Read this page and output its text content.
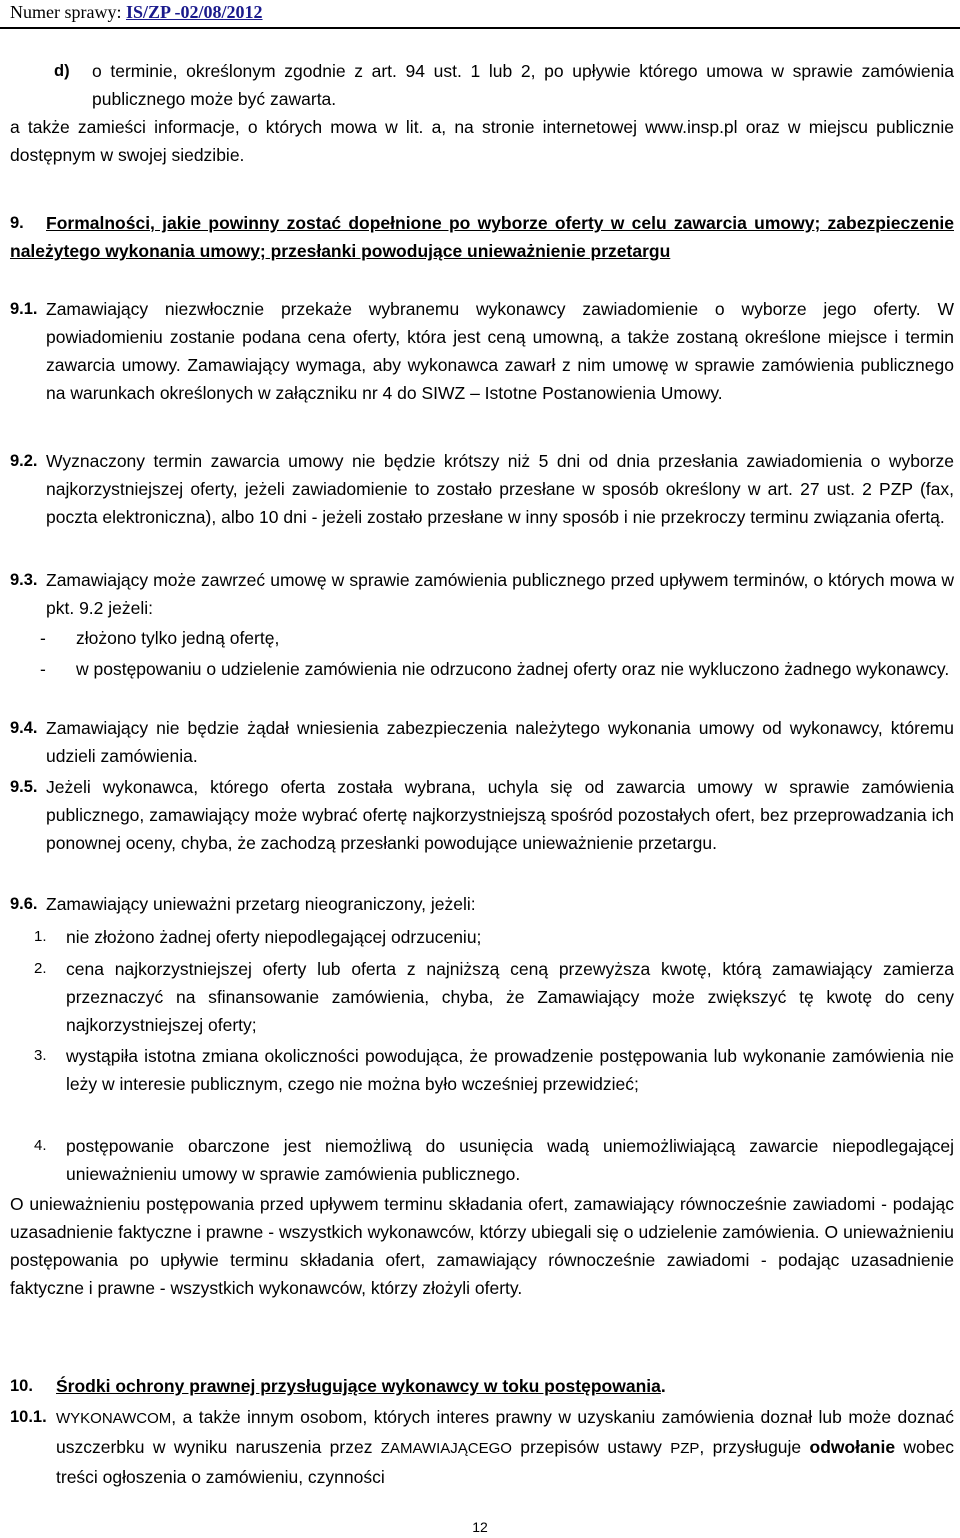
Numer sprawy: IS/ZP -02/08/2012
d) o terminie, określonym zgodnie z art. 94 ust. 1 lub 2, po upływie którego umowa w sprawie zamówienia publicznego może być zawarta.
a także zamieści informacje, o których mowa w lit. a, na stronie internetowej www.insp.pl oraz w miejscu publicznie dostępnym w swojej siedzibie.
9.	Formalności, jakie powinny zostać dopełnione po wyborze oferty w celu zawarcia umowy; zabezpieczenie należytego wykonania umowy; przesłanki powodujące unieważnienie przetargu
9.1. Zamawiający niezwłocznie przekaże wybranemu wykonawcy zawiadomienie o wyborze jego oferty. W powiadomieniu zostanie podana cena oferty, która jest ceną umowną, a także zostaną określone miejsce i termin zawarcia umowy. Zamawiający wymaga, aby wykonawca zawarł z nim umowę w sprawie zamówienia publicznego na warunkach określonych w załączniku nr 4 do SIWZ – Istotne Postanowienia Umowy.
9.2. Wyznaczony termin zawarcia umowy nie będzie krótszy niż 5 dni od dnia przesłania zawiadomienia o wyborze najkorzystniejszej oferty, jeżeli zawiadomienie to zostało przesłane w sposób określony w art. 27 ust. 2 PZP (fax, poczta elektroniczna), albo 10 dni - jeżeli zostało przesłane w inny sposób i nie przekroczy terminu związania ofertą.
9.3. Zamawiający może zawrzeć umowę w sprawie zamówienia publicznego przed upływem terminów, o których mowa w pkt. 9.2 jeżeli:
- złożono tylko jedną ofertę,
- w postępowaniu o udzielenie zamówienia nie odrzucono żadnej oferty oraz nie wykluczono żadnego wykonawcy.
9.4. Zamawiający nie będzie żądał wniesienia zabezpieczenia należytego wykonania umowy od wykonawcy, któremu udzieli zamówienia.
9.5. Jeżeli wykonawca, którego oferta została wybrana, uchyla się od zawarcia umowy w sprawie zamówienia publicznego, zamawiający może wybrać ofertę najkorzystniejszą spośród pozostałych ofert, bez przeprowadzania ich ponownej oceny, chyba, że zachodzą przesłanki powodujące unieważnienie przetargu.
9.6. Zamawiający unieważni przetarg nieograniczony, jeżeli:
1. nie złożono żadnej oferty niepodlegającej odrzuceniu;
2. cena najkorzystniejszej oferty lub oferta z najniższą ceną przewyższa kwotę, którą zamawiający zamierza przeznaczyć na sfinansowanie zamówienia, chyba, że Zamawiający może zwiększyć tę kwotę do ceny najkorzystniejszej oferty;
3. wystąpiła istotna zmiana okoliczności powodująca, że prowadzenie postępowania lub wykonanie zamówienia nie leży w interesie publicznym, czego nie można było wcześniej przewidzieć;
4. postępowanie obarczone jest niemożliwą do usunięcia wadą uniemożliwiającą zawarcie niepodlegającej unieważnieniu umowy w sprawie zamówienia publicznego.
O unieważnieniu postępowania przed upływem terminu składania ofert, zamawiający równocześnie zawiadomi - podając uzasadnienie faktyczne i prawne - wszystkich wykonawców, którzy ubiegali się o udzielenie zamówienia. O unieważnieniu postępowania po upływie terminu składania ofert, zamawiający równocześnie zawiadomi - podając uzasadnienie faktyczne i prawne - wszystkich wykonawców, którzy złożyli oferty.
10. Środki ochrony prawnej przysługujące wykonawcy w toku postępowania.
10.1. WYKONAWCOM, a także innym osobom, których interes prawny w uzyskaniu zamówienia doznał lub może doznać uszczerbku w wyniku naruszenia przez ZAMAWIAJĄCEGO przepisów ustawy PZP, przysługuje odwołanie wobec treści ogłoszenia o zamówieniu, czynności
12
